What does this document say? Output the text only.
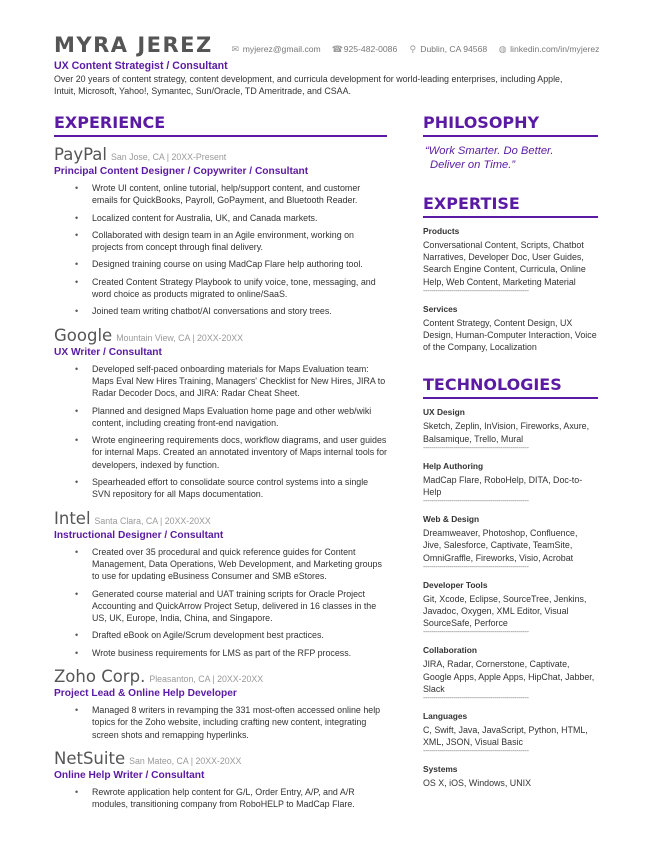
MYRA JEREZ ✉ myjerez@gmail.com ☎ 925-482-0086 ⚲ Dublin, CA 94568 ◍ linkedin.com/in/myjerez
UX Content Strategist / Consultant
Over 20 years of content strategy, content development, and curricula development for world-leading enterprises, including Apple, Intuit, Microsoft, Yahoo!, Symantec, Sun/Oracle, TD Ameritrade, and CSAA.
EXPERIENCE
PayPal San Jose, CA | 20XX-Present
Principal Content Designer / Copywriter / Consultant
• Wrote UI content, online tutorial, help/support content, and customer emails for QuickBooks, Payroll, GoPayment, and Bluetooth Reader.
• Localized content for Australia, UK, and Canada markets.
• Collaborated with design team in an Agile environment, working on projects from concept through final delivery.
• Designed training course on using MadCap Flare help authoring tool.
• Created Content Strategy Playbook to unify voice, tone, messaging, and word choice as products migrated to online/SaaS.
• Joined team writing chatbot/AI conversations and story trees.
Google Mountain View, CA | 20XX-20XX
UX Writer / Consultant
• Developed self-paced onboarding materials for Maps Evaluation team: Maps Eval New Hires Training, Managers' Checklist for New Hires, JIRA to Radar Decoder Docs, and JIRA: Radar Cheat Sheet.
• Planned and designed Maps Evaluation home page and other web/wiki content, including creating front-end navigation.
• Wrote engineering requirements docs, workflow diagrams, and user guides for internal Maps. Created an annotated inventory of Maps internal tools for developers, indexed by function.
• Spearheaded effort to consolidate source control systems into a single SVN repository for all Maps documentation.
Intel Santa Clara, CA | 20XX-20XX
Instructional Designer / Consultant
• Created over 35 procedural and quick reference guides for Content Management, Data Operations, Web Development, and Marketing groups to use for updating eBusiness Consumer and SMB eStores.
• Generated course material and UAT training scripts for Oracle Project Accounting and QuickArrow Project Setup, delivered in 16 classes in the US, UK, Europe, India, China, and Singapore.
• Drafted eBook on Agile/Scrum development best practices.
• Wrote business requirements for LMS as part of the RFP process.
Zoho Corp. Pleasanton, CA | 20XX-20XX
Project Lead & Online Help Developer
• Managed 8 writers in revamping the 331 most-often accessed online help topics for the Zoho website, including crafting new content, integrating screen shots and remapping hyperlinks.
NetSuite San Mateo, CA | 20XX-20XX
Online Help Writer / Consultant
• Rewrote application help content for G/L, Order Entry, A/P, and A/R modules, transitioning company from RoboHELP to MadCap Flare.
PHILOSOPHY
“Work Smarter. Do Better.
Deliver on Time.”
EXPERTISE
Products
Conversational Content, Scripts, Chatbot Narratives, Developer Doc, User Guides, Search Engine Content, Curricula, Online Help, Web Content, Marketing Material
----------------------------------------------------
Services
Content Strategy, Content Design, UX Design, Human-Computer Interaction, Voice of the Company, Localization
TECHNOLOGIES
UX Design
Sketch, Zeplin, InVision, Fireworks, Axure, Balsamique, Trello, Mural
----------------------------------------------------
Help Authoring
MadCap Flare, RoboHelp, DITA, Doc-to-Help
----------------------------------------------------
Web & Design
Dreamweaver, Photoshop, Confluence, Jive, Salesforce, Captivate, TeamSite, OmniGraffle, Fireworks, Visio, Acrobat
----------------------------------------------------
Developer Tools
Git, Xcode, Eclipse, SourceTree, Jenkins, Javadoc, Oxygen, XML Editor, Visual SourceSafe, Perforce
----------------------------------------------------
Collaboration
JIRA, Radar, Cornerstone, Captivate, Google Apps, Apple Apps, HipChat, Jabber, Slack
----------------------------------------------------
Languages
C, Swift, Java, JavaScript, Python, HTML, XML, JSON, Visual Basic
----------------------------------------------------
Systems
OS X, iOS, Windows, UNIX
